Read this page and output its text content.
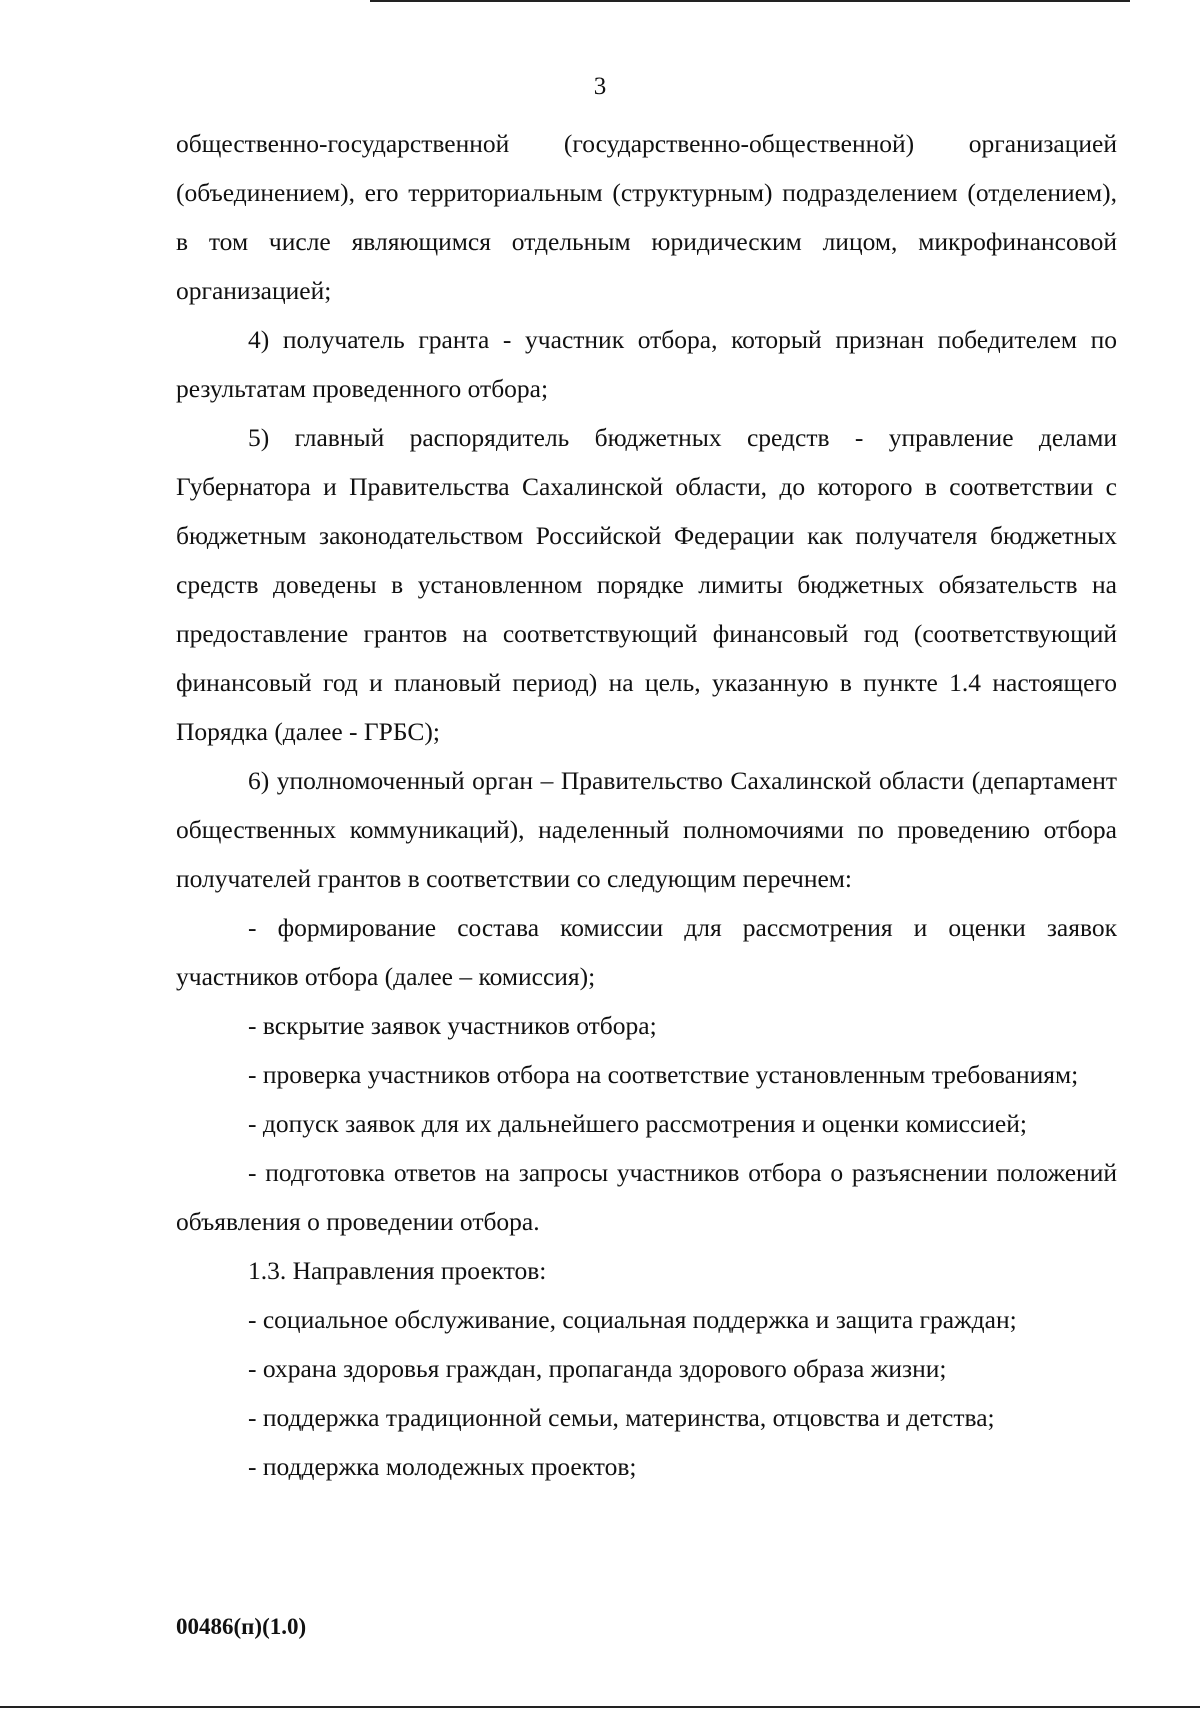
3

общественно-государственной (государственно-общественной) организацией (объединением), его территориальным (структурным) подразделением (отделением), в том числе являющимся отдельным юридическим лицом, микрофинансовой организацией;

4) получатель гранта - участник отбора, который признан победителем по результатам проведенного отбора;

5) главный распорядитель бюджетных средств - управление делами Губернатора и Правительства Сахалинской области, до которого в соответствии с бюджетным законодательством Российской Федерации как получателя бюджетных средств доведены в установленном порядке лимиты бюджетных обязательств на предоставление грантов на соответствующий финансовый год (соответствующий финансовый год и плановый период) на цель, указанную в пункте 1.4 настоящего Порядка (далее - ГРБС);

6) уполномоченный орган – Правительство Сахалинской области (департамент общественных коммуникаций), наделенный полномочиями по проведению отбора получателей грантов в соответствии со следующим перечнем:

- формирование состава комиссии для рассмотрения и оценки заявок участников отбора (далее – комиссия);

- вскрытие заявок участников отбора;

- проверка участников отбора на соответствие установленным требованиям;

- допуск заявок для их дальнейшего рассмотрения и оценки комиссией;

- подготовка ответов на запросы участников отбора о разъяснении положений объявления о проведении отбора.

1.3. Направления проектов:

- социальное обслуживание, социальная поддержка и защита граждан;

- охрана здоровья граждан, пропаганда здорового образа жизни;

- поддержка традиционной семьи, материнства, отцовства и детства;

- поддержка молодежных проектов;

00486(п)(1.0)
